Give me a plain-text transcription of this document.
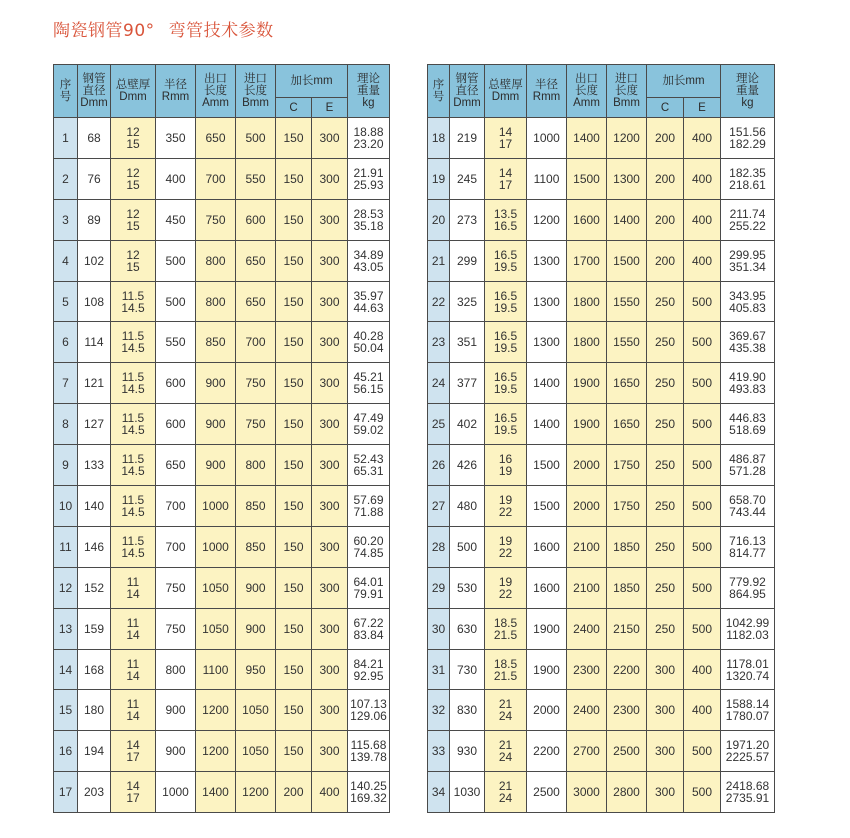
陶瓷钢管90° 弯管技术参数
序
号	钢管
直径
Dmm	总壁厚
Dmm	半径
Rmm	出口
长度
Amm	进口
长度
Bmm	加长mm		理论
重量
kg

						C	E	
1	68	12
15	350	650	500	150	300	18.88
23.20

2	76	12
15	400	700	550	150	300	21.91
25.93

3	89	12
15	450	750	600	150	300	28.53
35.18

4	102	12
15	500	800	650	150	300	34.89
43.05

5	108	11.5
14.5	500	800	650	150	300	35.97
44.63

6	114	11.5
14.5	550	850	700	150	300	40.28
50.04

7	121	11.5
14.5	600	900	750	150	300	45.21
56.15

8	127	11.5
14.5	600	900	750	150	300	47.49
59.02

9	133	11.5
14.5	650	900	800	150	300	52.43
65.31

10	140	11.5
14.5	700	1000	850	150	300	57.69
71.88

11	146	11.5
14.5	700	1000	850	150	300	60.20
74.85

12	152	11
14	750	1050	900	150	300	64.01
79.91

13	159	11
14	750	1050	900	150	300	67.22
83.84

14	168	11
14	800	1100	950	150	300	84.21
92.95

15	180	11
14	900	1200	1050	150	300	107.13
129.06

16	194	14
17	900	1200	1050	150	300	115.68
139.78

17	203	14
17	1000	1400	1200	200	400	140.25
169.32
序
号	钢管
直径
Dmm	总壁厚
Dmm	半径
Rmm	出口
长度
Amm	进口
长度
Bmm	加长mm		理论
重量
kg

						C	E	
18	219	14
17	1000	1400	1200	200	400	151.56
182.29

19	245	14
17	1100	1500	1300	200	400	182.35
218.61

20	273	13.5
16.5	1200	1600	1400	200	400	211.74
255.22

21	299	16.5
19.5	1300	1700	1500	200	400	299.95
351.34

22	325	16.5
19.5	1300	1800	1550	250	500	343.95
405.83

23	351	16.5
19.5	1300	1800	1550	250	500	369.67
435.38

24	377	16.5
19.5	1400	1900	1650	250	500	419.90
493.83

25	402	16.5
19.5	1400	1900	1650	250	500	446.83
518.69

26	426	16
19	1500	2000	1750	250	500	486.87
571.28

27	480	19
22	1500	2000	1750	250	500	658.70
743.44

28	500	19
22	1600	2100	1850	250	500	716.13
814.77

29	530	19
22	1600	2100	1850	250	500	779.92
864.95

30	630	18.5
21.5	1900	2400	2150	250	500	1042.99
1182.03

31	730	18.5
21.5	1900	2300	2200	300	400	1178.01
1320.74

32	830	21
24	2000	2400	2300	300	400	1588.14
1780.07

33	930	21
24	2200	2700	2500	300	500	1971.20
2225.57

34	1030	21
24	2500	3000	2800	300	500	2418.68
2735.91
